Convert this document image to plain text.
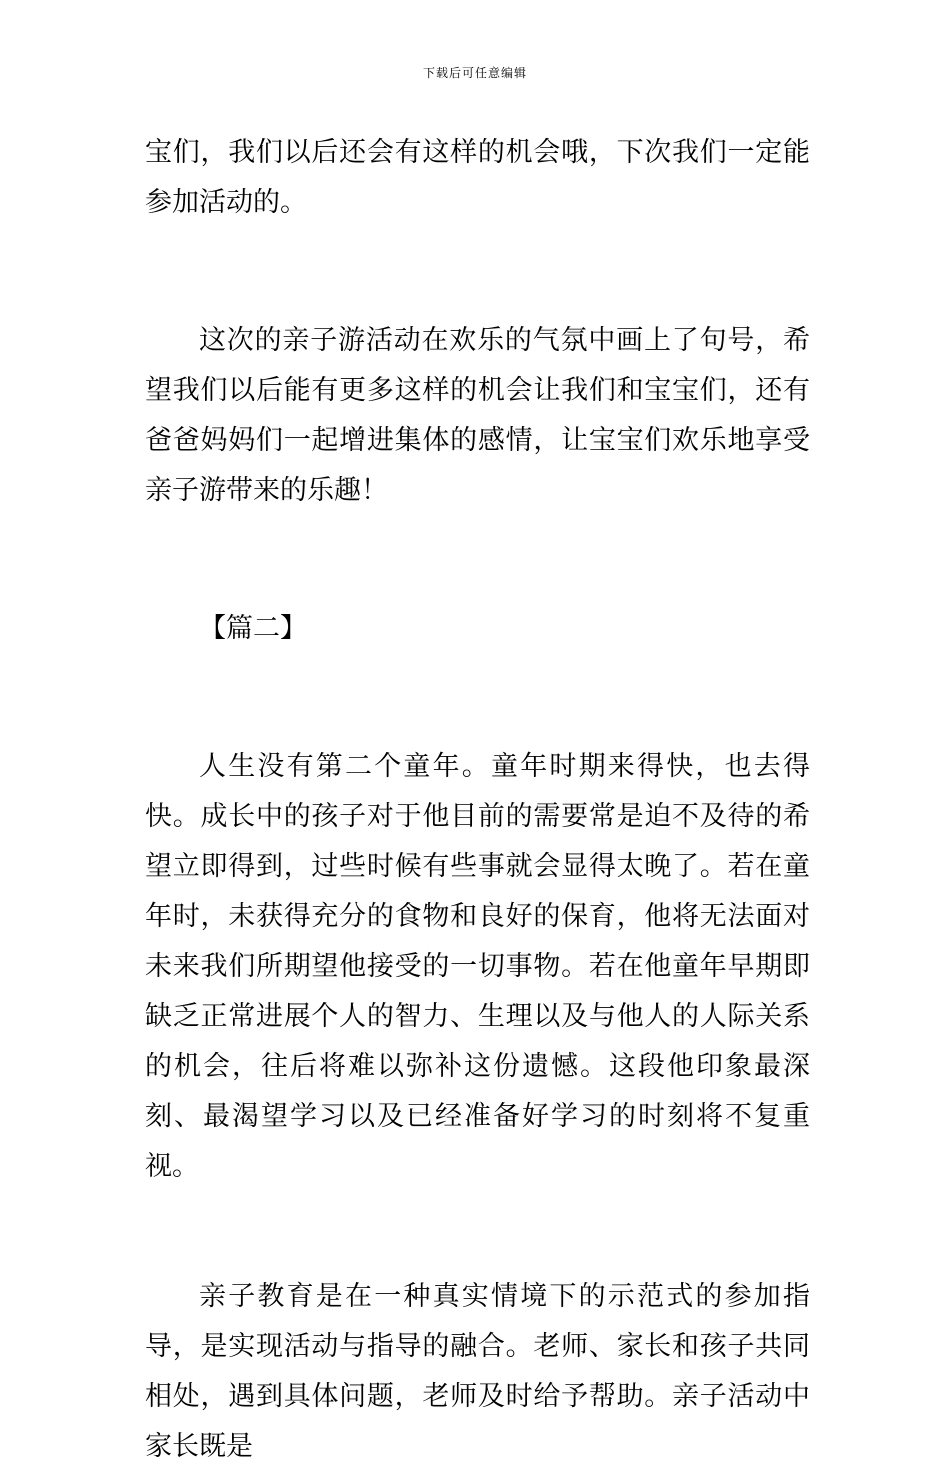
下载后可任意编辑

宝们，我们以后还会有这样的机会哦，下次我们一定能参加活动的。

这次的亲子游活动在欢乐的气氛中画上了句号，希望我们以后能有更多这样的机会让我们和宝宝们，还有爸爸妈妈们一起增进集体的感情，让宝宝们欢乐地享受亲子游带来的乐趣！

【篇二】

人生没有第二个童年。童年时期来得快，也去得快。成长中的孩子对于他目前的需要常是迫不及待的希望立即得到，过些时候有些事就会显得太晚了。若在童年时，未获得充分的食物和良好的保育，他将无法面对未来我们所期望他接受的一切事物。若在他童年早期即缺乏正常进展个人的智力、生理以及与他人的人际关系的机会，往后将难以弥补这份遗憾。这段他印象最深刻、最渴望学习以及已经准备好学习的时刻将不复重视。

亲子教育是在一种真实情境下的示范式的参加指导，是实现活动与指导的融合。老师、家长和孩子共同相处，遇到具体问题，老师及时给予帮助。亲子活动中家长既是
